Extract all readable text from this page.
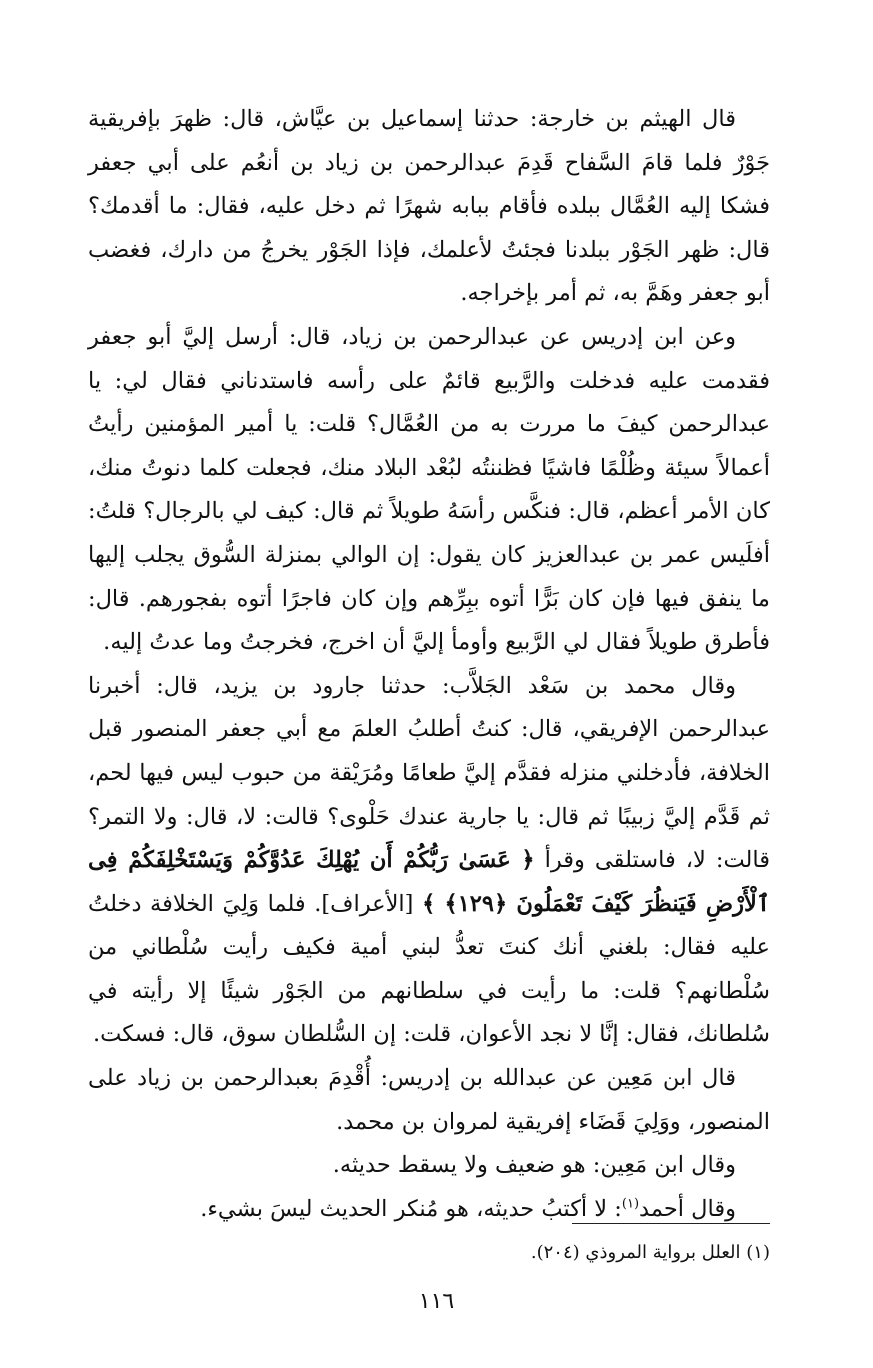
قال الهيثم بن خارجة: حدثنا إسماعيل بن عيَّاش، قال: ظهرَ بإفريقية جَوْرٌ فلما قامَ السَّفاح قَدِمَ عبدالرحمن بن زياد بن أنعُم على أبي جعفر فشكا إليه العُمَّال ببلده فأقام ببابه شهرًا ثم دخل عليه، فقال: ما أقدمك؟ قال: ظهر الجَوْر ببلدنا فجئتُ لأعلمك، فإذا الجَوْر يخرجُ من دارك، فغضب أبو جعفر وهَمَّ به، ثم أمر بإخراجه.

وعن ابن إدريس عن عبدالرحمن بن زياد، قال: أرسل إليَّ أبو جعفر فقدمت عليه فدخلت والرَّبيع قائمٌ على رأسه فاستدناني فقال لي: يا عبدالرحمن كيفَ ما مررت به من العُمَّال؟ قلت: يا أمير المؤمنين رأيتُ أعمالاً سيئة وظُلْمًا فاشيًا فظننتُه لبُعْد البلاد منك، فجعلت كلما دنوتُ منك، كان الأمر أعظم، قال: فنكَّس رأسَهُ طويلاً ثم قال: كيف لي بالرجال؟ قلتُ: أفلَيس عمر بن عبدالعزيز كان يقول: إن الوالي بمنزلة السُّوق يجلب إليها ما ينفق فيها فإن كان بَرًّا أتوه ببِرِّهم وإن كان فاجرًا أتوه بفجورهم. قال: فأطرق طويلاً فقال لي الرَّبيع وأومأ إليَّ أن اخرج، فخرجتُ وما عدتُ إليه.

وقال محمد بن سَعْد الجَلاَّب: حدثنا جارود بن يزيد، قال: أخبرنا عبدالرحمن الإفريقي، قال: كنتُ أطلبُ العلمَ مع أبي جعفر المنصور قبل الخلافة، فأدخلني منزله فقدَّم إليَّ طعامًا ومُرَيْقة من حبوب ليس فيها لحم، ثم قَدَّم إليَّ زبيبًا ثم قال: يا جارية عندك حَلْوى؟ قالت: لا، قال: ولا التمر؟ قالت: لا، فاستلقى وقرأ ﴿ عَسَىٰ رَبُّكُمْ أَن يُهْلِكَ عَدُوَّكُمْ وَيَسْتَخْلِفَكُمْ فِى ٱلْأَرْضِ فَيَنظُرَ كَيْفَ تَعْمَلُونَ ﴿١٢٩﴾ ﴾ [الأعراف]. فلما وَلِيَ الخلافة دخلتُ عليه فقال: بلغني أنك كنتَ تعدُّ لبني أمية فكيف رأيت سُلْطاني من سُلْطانهم؟ قلت: ما رأيت في سلطانهم من الجَوْر شيئًا إلا رأيته في سُلطانك، فقال: إنَّا لا نجد الأعوان، قلت: إن السُّلطان سوق، قال: فسكت.

قال ابن مَعِين عن عبدالله بن إدريس: أُقْدِمَ بعبدالرحمن بن زياد على المنصور، ووَلِيَ قَضَاء إفريقية لمروان بن محمد.

وقال ابن مَعِين: هو ضعيف ولا يسقط حديثه.

وقال أحمد$^{(١)}$: لا أكتبُ حديثه، هو مُنكر الحديث ليسَ بشيء.

(١) العلل برواية المروذي (٢٠٤).
١١٦
